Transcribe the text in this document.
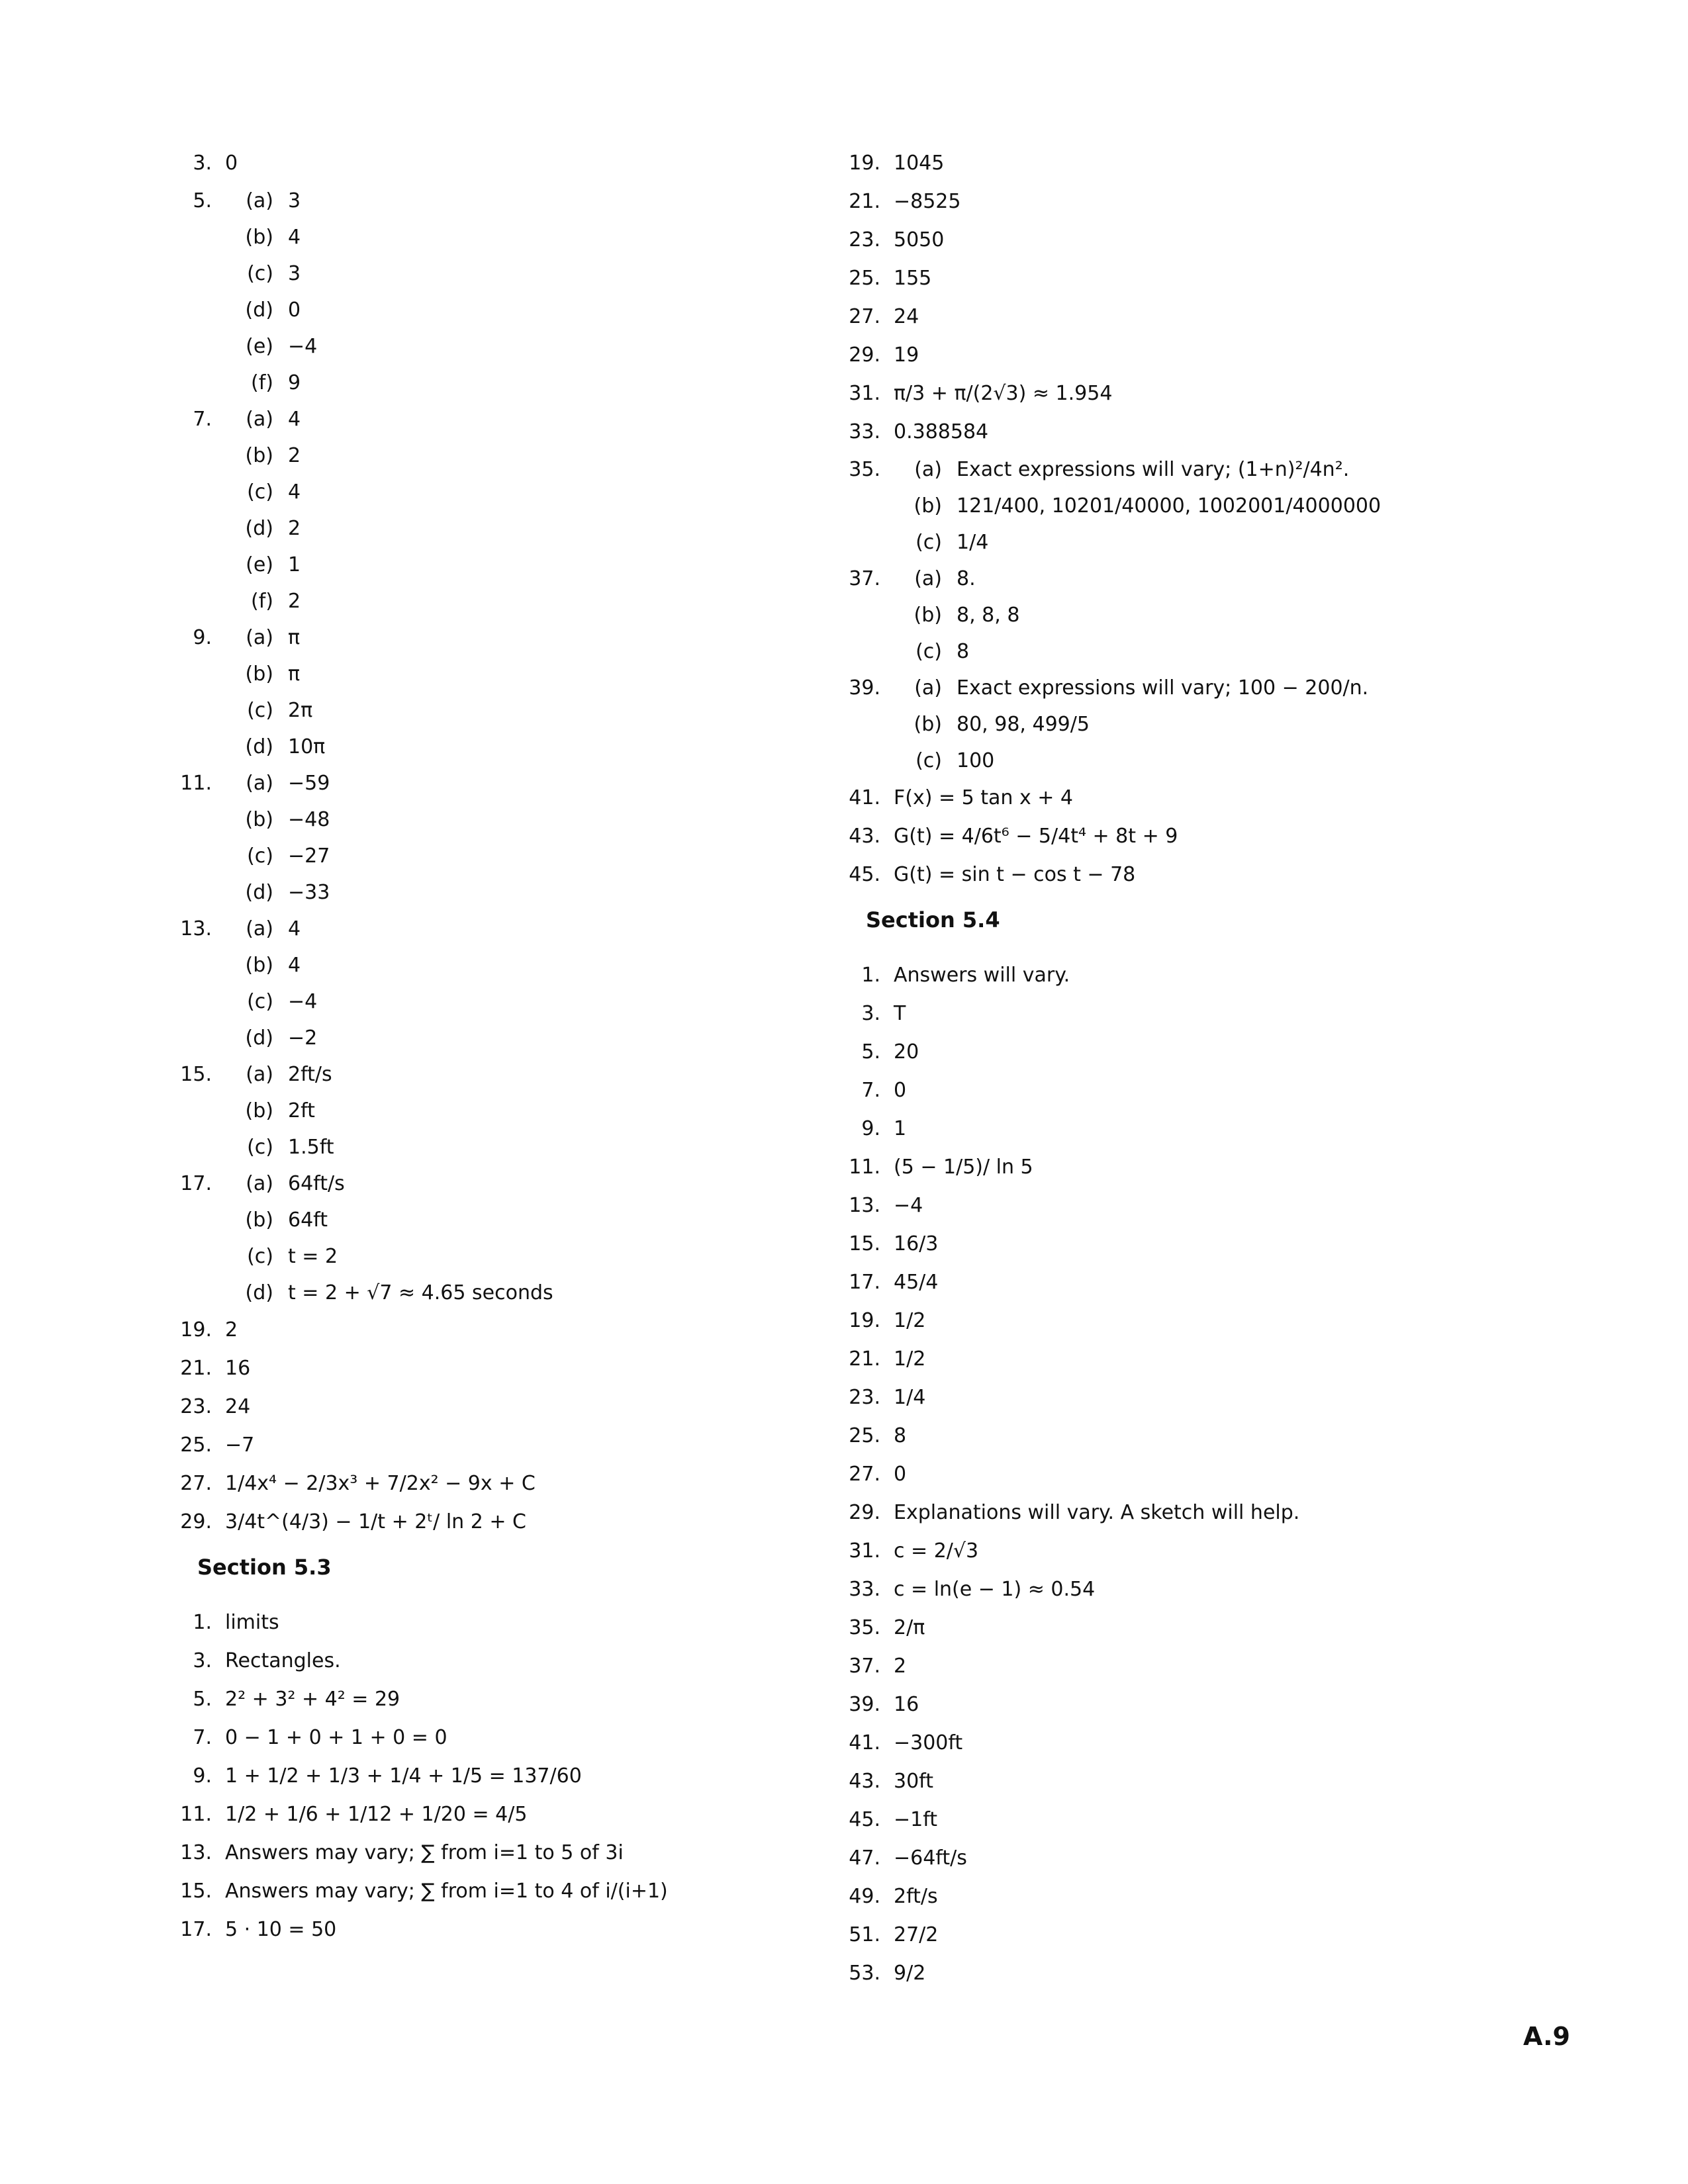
3. 0
5.	(a) 3
(b) 4
(c) 3
(d) 0
(e) −4
(f) 9
7.	(a) 4
(b) 2
(c) 4
(d) 2
(e) 1
(f) 2
9.	(a) π
(b) π
(c) 2π
(d) 10π
11.	(a) −59
(b) −48
(c) −27
(d) −33
13.	(a) 4
(b) 4
(c) −4
(d) −2
15.	(a) 2ft/s
(b) 2ft
(c) 1.5ft
17.	(a) 64ft/s
(b) 64ft
(c) t = 2
(d) t = 2 + √7 ≈ 4.65 seconds
19. 2
21. 16
23. 24
25. −7
27. 1/4x⁴ − 2/3x³ + 7/2x² − 9x + C
29. 3/4t^(4/3) − 1/t + 2ᵗ/ ln 2 + C
Section 5.3
1. limits
3. Rectangles.
5. 2² + 3² + 4² = 29
7. 0 − 1 + 0 + 1 + 0 = 0
9. 1 + 1/2 + 1/3 + 1/4 + 1/5 = 137/60
11. 1/2 + 1/6 + 1/12 + 1/20 = 4/5
13. Answers may vary; ∑ from i=1 to 5 of 3i
15. Answers may vary; ∑ from i=1 to 4 of i/(i+1)
17. 5 · 10 = 50
19. 1045
21. −8525
23. 5050
25. 155
27. 24
29. 19
31. π/3 + π/(2√3) ≈ 1.954
33. 0.388584
35.	(a) Exact expressions will vary; (1+n)²/4n².
(b) 121/400, 10201/40000, 1002001/4000000
(c) 1/4
37.	(a) 8.
(b) 8, 8, 8
(c) 8
39.	(a) Exact expressions will vary; 100 − 200/n.
(b) 80, 98, 499/5
(c) 100
41. F(x) = 5 tan x + 4
43. G(t) = 4/6t⁶ − 5/4t⁴ + 8t + 9
45. G(t) = sin t − cos t − 78
Section 5.4
1. Answers will vary.
3. T
5. 20
7. 0
9. 1
11. (5 − 1/5)/ ln 5
13. −4
15. 16/3
17. 45/4
19. 1/2
21. 1/2
23. 1/4
25. 8
27. 0
29. Explanations will vary. A sketch will help.
31. c = 2/√3
33. c = ln(e − 1) ≈ 0.54
35. 2/π
37. 2
39. 16
41. −300ft
43. 30ft
45. −1ft
47. −64ft/s
49. 2ft/s
51. 27/2
53. 9/2
A.9
